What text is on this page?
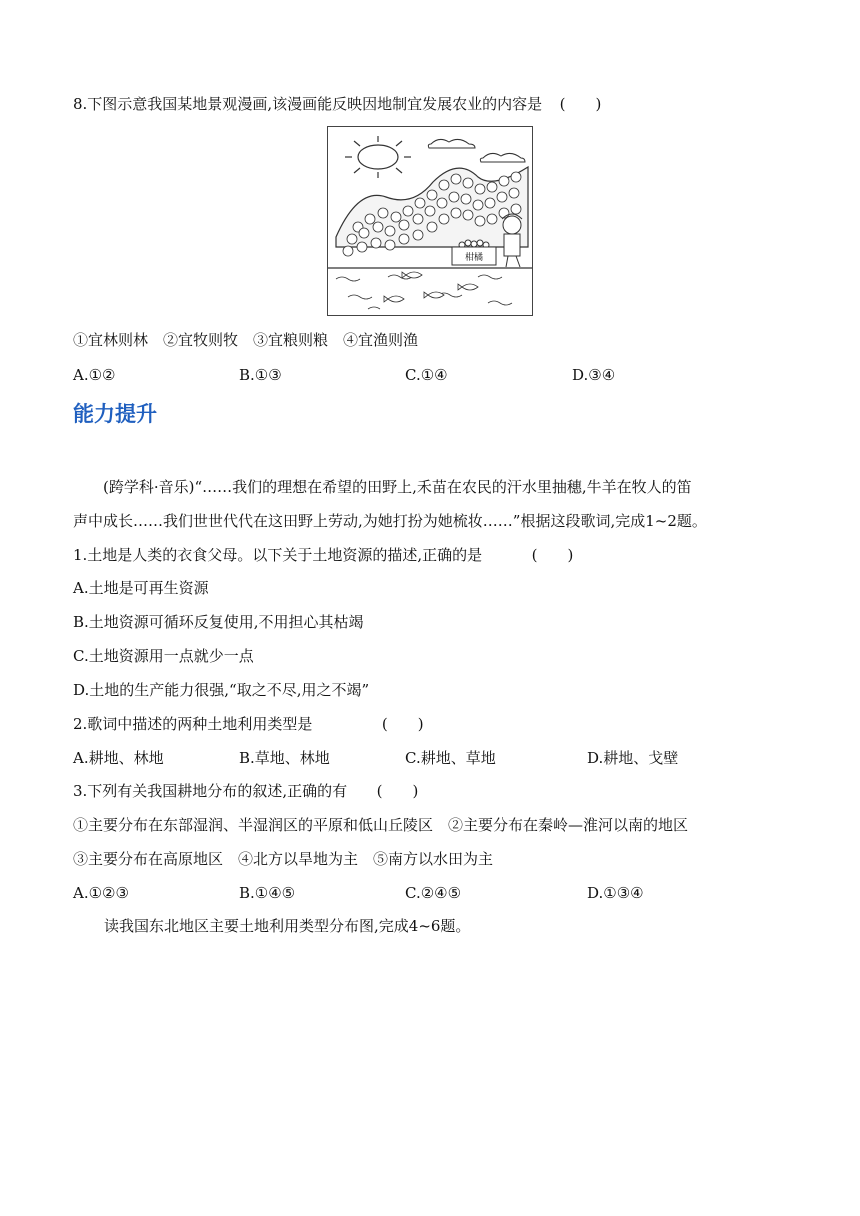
8.下图示意我国某地景观漫画,该漫画能反映因地制宜发展农业的内容是 (　　)
柑橘
①宜林则林　②宜牧则牧　③宜粮则粮　④宜渔则渔
A.①②	B.①③	C.①④	D.③④
能力提升
(跨学科·音乐)“……我们的理想在希望的田野上,禾苗在农民的汗水里抽穗,牛羊在牧人的笛
声中成长……我们世世代代在这田野上劳动,为她打扮为她梳妆……”根据这段歌词,完成1~2题。
1.土地是人类的衣食父母。以下关于土地资源的描述,正确的是	(　　)
A.土地是可再生资源
B.土地资源可循环反复使用,不用担心其枯竭
C.土地资源用一点就少一点
D.土地的生产能力很强,“取之不尽,用之不竭”
2.歌词中描述的两种土地利用类型是	(　　)
A.耕地、林地	B.草地、林地	C.耕地、草地	D.耕地、戈壁
3.下列有关我国耕地分布的叙述,正确的有 (　　)
①主要分布在东部湿润、半湿润区的平原和低山丘陵区　②主要分布在秦岭—淮河以南的地区
③主要分布在高原地区　④北方以旱地为主　⑤南方以水田为主
A.①②③	B.①④⑤	C.②④⑤	D.①③④
读我国东北地区主要土地利用类型分布图,完成4~6题。
